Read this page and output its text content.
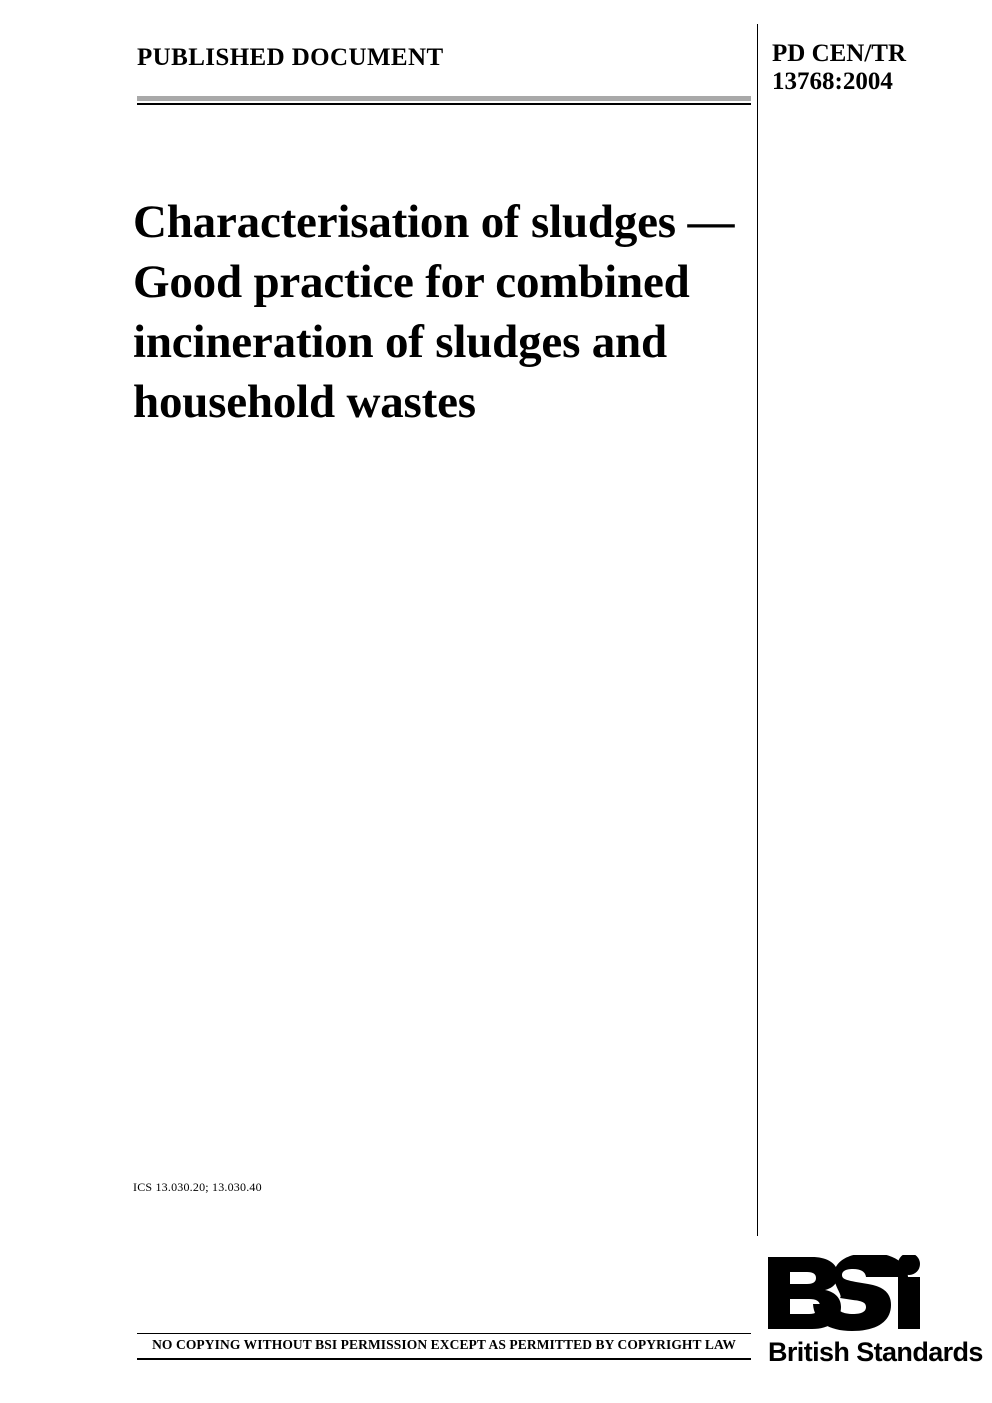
PUBLISHED DOCUMENT	PD CEN/TR
13768:2004
Characterisation of sludges — Good practice for combined incineration of sludges and household wastes
ICS 13.030.20; 13.030.40
NO COPYING WITHOUT BSI PERMISSION EXCEPT AS PERMITTED BY COPYRIGHT LAW	British Standards
